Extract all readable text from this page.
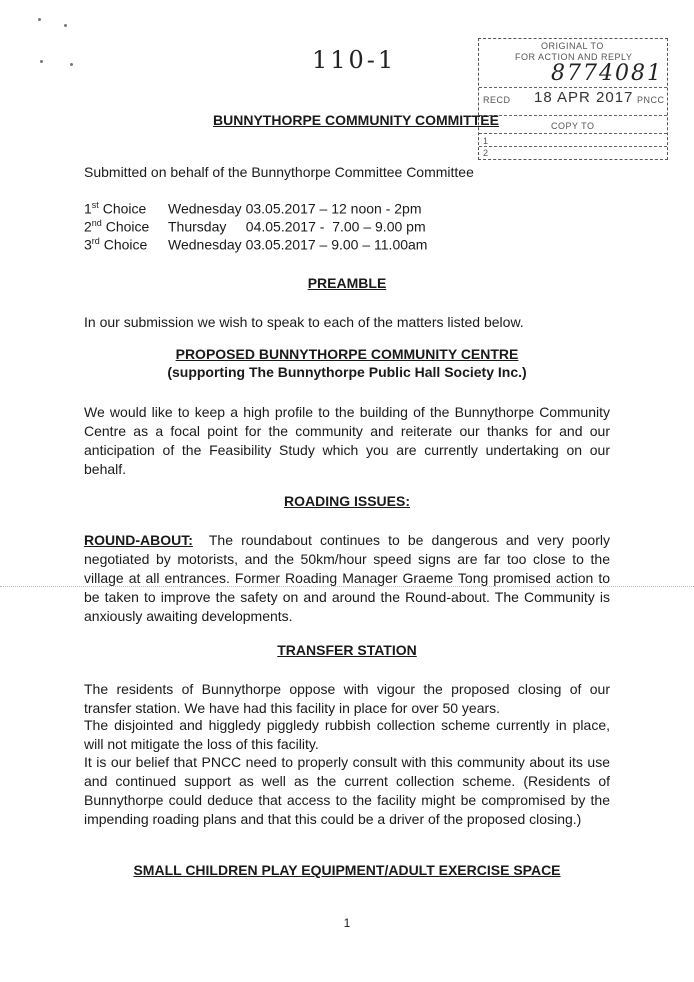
110-1	ORIGINAL TO
FOR ACTION AND REPLY
8774081
RECD 18 APR 2017 PNCC
COPY TO
1
2
BUNNYTHORPE COMMUNITY COMMITTEE
Submitted on behalf of the Bunnythorpe Committee Committee
1st Choice Wednesday 03.05.2017 – 12 noon - 2pm
2nd Choice Thursday     04.05.2017 -  7.00 – 9.00 pm
3rd Choice Wednesday 03.05.2017 – 9.00 – 11.00am
PREAMBLE
In our submission we wish to speak to each of the matters listed below.
PROPOSED BUNNYTHORPE COMMUNITY CENTRE
(supporting The Bunnythorpe Public Hall Society Inc.)
We would like to keep a high profile to the building of the Bunnythorpe Community Centre as a focal point for the community and reiterate our thanks for and our anticipation of the Feasibility Study which you are currently undertaking on our behalf.
ROADING ISSUES:
ROUND-ABOUT: The roundabout continues to be dangerous and very poorly negotiated by motorists, and the 50km/hour speed signs are far too close to the village at all entrances. Former Roading Manager Graeme Tong promised action to be taken to improve the safety on and around the Round-about. The Community is anxiously awaiting developments.
TRANSFER STATION
The residents of Bunnythorpe oppose with vigour the proposed closing of our transfer station. We have had this facility in place for over 50 years.
The disjointed and higgledy piggledy rubbish collection scheme currently in place, will not mitigate the loss of this facility.
It is our belief that PNCC need to properly consult with this community about its use and continued support as well as the current collection scheme. (Residents of Bunnythorpe could deduce that access to the facility might be compromised by the impending roading plans and that this could be a driver of the proposed closing.)
SMALL CHILDREN PLAY EQUIPMENT/ADULT EXERCISE SPACE
1
